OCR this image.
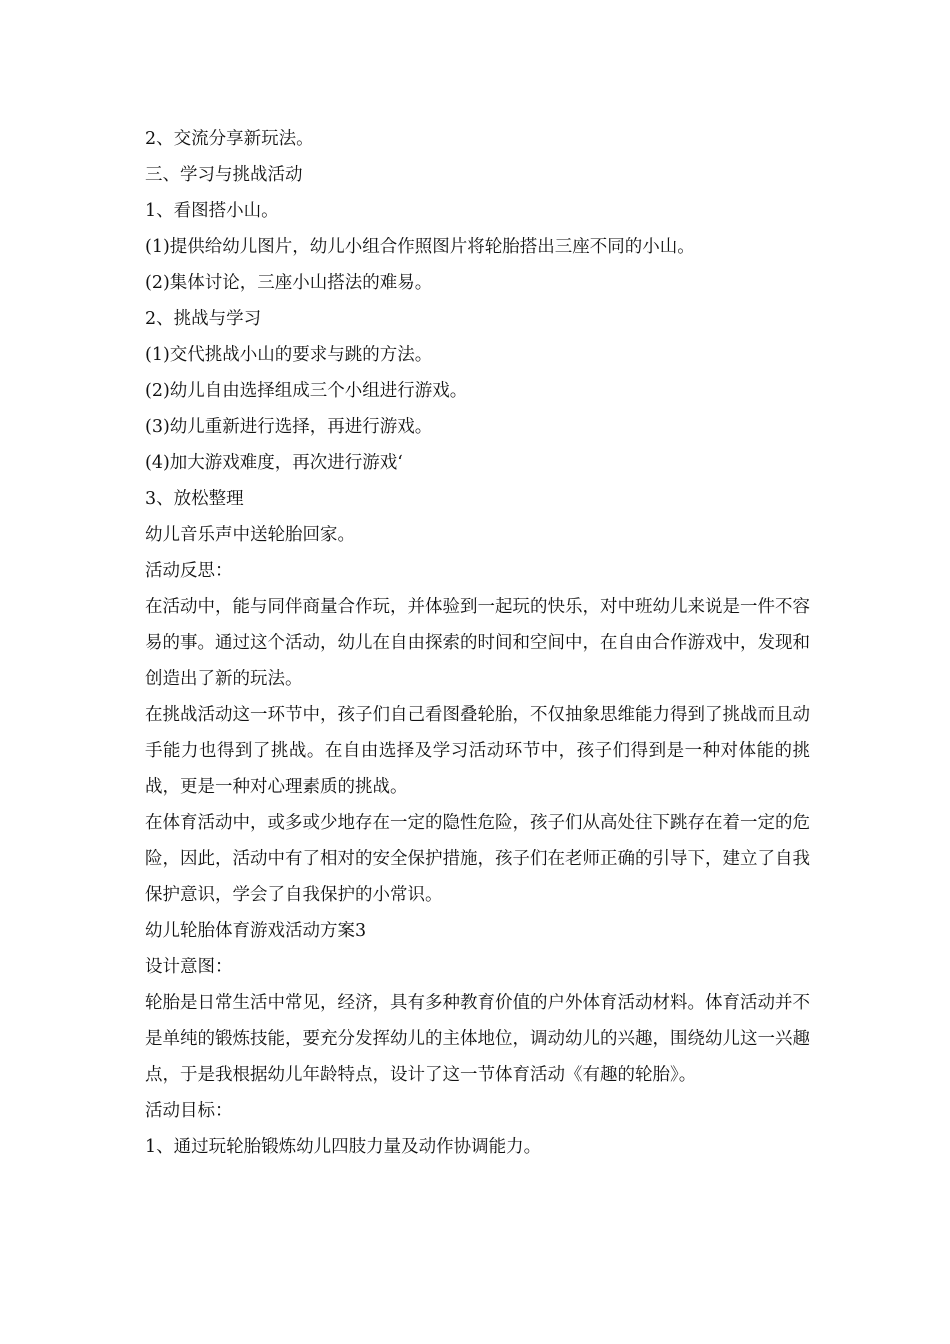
2、交流分享新玩法。
三、学习与挑战活动
1、看图搭小山。
(1)提供给幼儿图片，幼儿小组合作照图片将轮胎搭出三座不同的小山。
(2)集体讨论，三座小山搭法的难易。
2、挑战与学习
(1)交代挑战小山的要求与跳的方法。
(2)幼儿自由选择组成三个小组进行游戏。
(3)幼儿重新进行选择，再进行游戏。
(4)加大游戏难度，再次进行游戏‘
3、放松整理
幼儿音乐声中送轮胎回家。
活动反思：

在活动中，能与同伴商量合作玩，并体验到一起玩的快乐，对中班幼儿来说是一件不容易的事。通过这个活动，幼儿在自由探索的时间和空间中，在自由合作游戏中，发现和创造出了新的玩法。

在挑战活动这一环节中，孩子们自己看图叠轮胎，不仅抽象思维能力得到了挑战而且动手能力也得到了挑战。在自由选择及学习活动环节中，孩子们得到是一种对体能的挑战，更是一种对心理素质的挑战。

在体育活动中，或多或少地存在一定的隐性危险，孩子们从高处往下跳存在着一定的危险，因此，活动中有了相对的安全保护措施，孩子们在老师正确的引导下，建立了自我保护意识，学会了自我保护的小常识。

幼儿轮胎体育游戏活动方案3
设计意图：

轮胎是日常生活中常见，经济，具有多种教育价值的户外体育活动材料。体育活动并不是单纯的锻炼技能，要充分发挥幼儿的主体地位，调动幼儿的兴趣，围绕幼儿这一兴趣点，于是我根据幼儿年龄特点，设计了这一节体育活动《有趣的轮胎》。

活动目标：
1、通过玩轮胎锻炼幼儿四肢力量及动作协调能力。
